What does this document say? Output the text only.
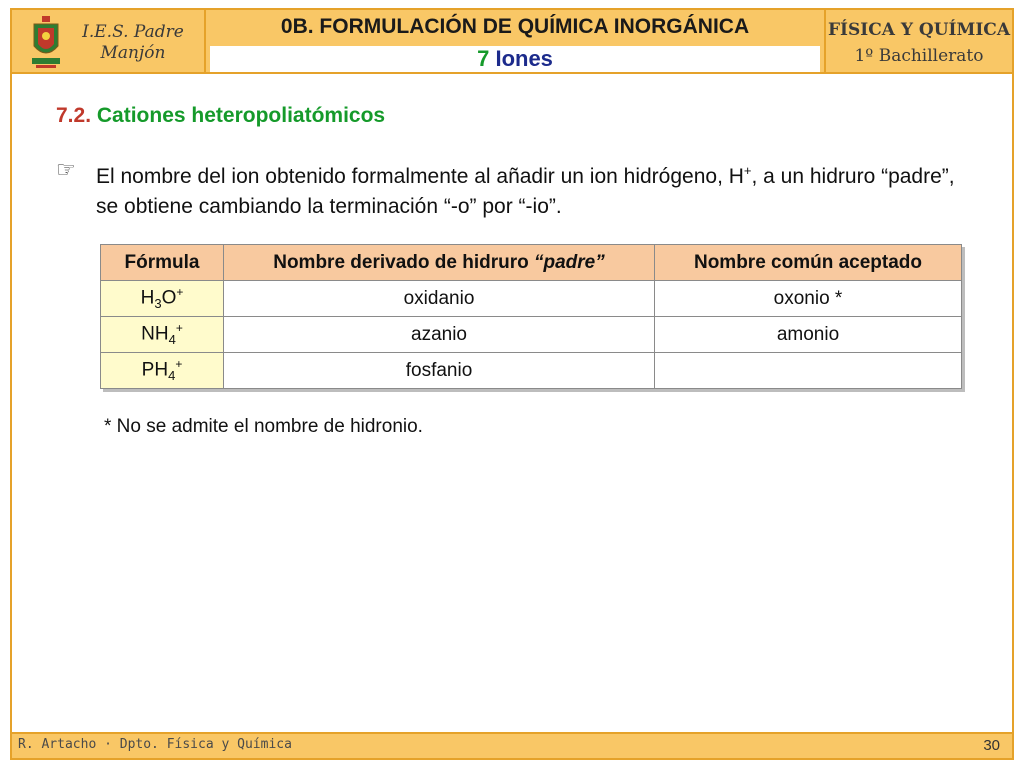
I.E.S. Padre
Manjón
0B. FORMULACIÓN DE QUÍMICA INORGÁNICA
7 Iones
FÍSICA Y QUÍMICA
1º Bachillerato
7.2. Cationes heteropoliatómicos
☞ El nombre del ion obtenido formalmente al añadir un ion hidrógeno, H+, a un hidruro “padre”, se obtiene cambiando la terminación “-o” por “-io”.
Fórmula	Nombre derivado de hidruro “padre”	Nombre común aceptado
$H_3O^+$	oxidanio	oxonio *
$NH_4^+$	azanio	amonio
$PH_4^+$	fosfanio	
* No se admite el nombre de hidronio.
R. Artacho · Dpto. Física y Química	30
